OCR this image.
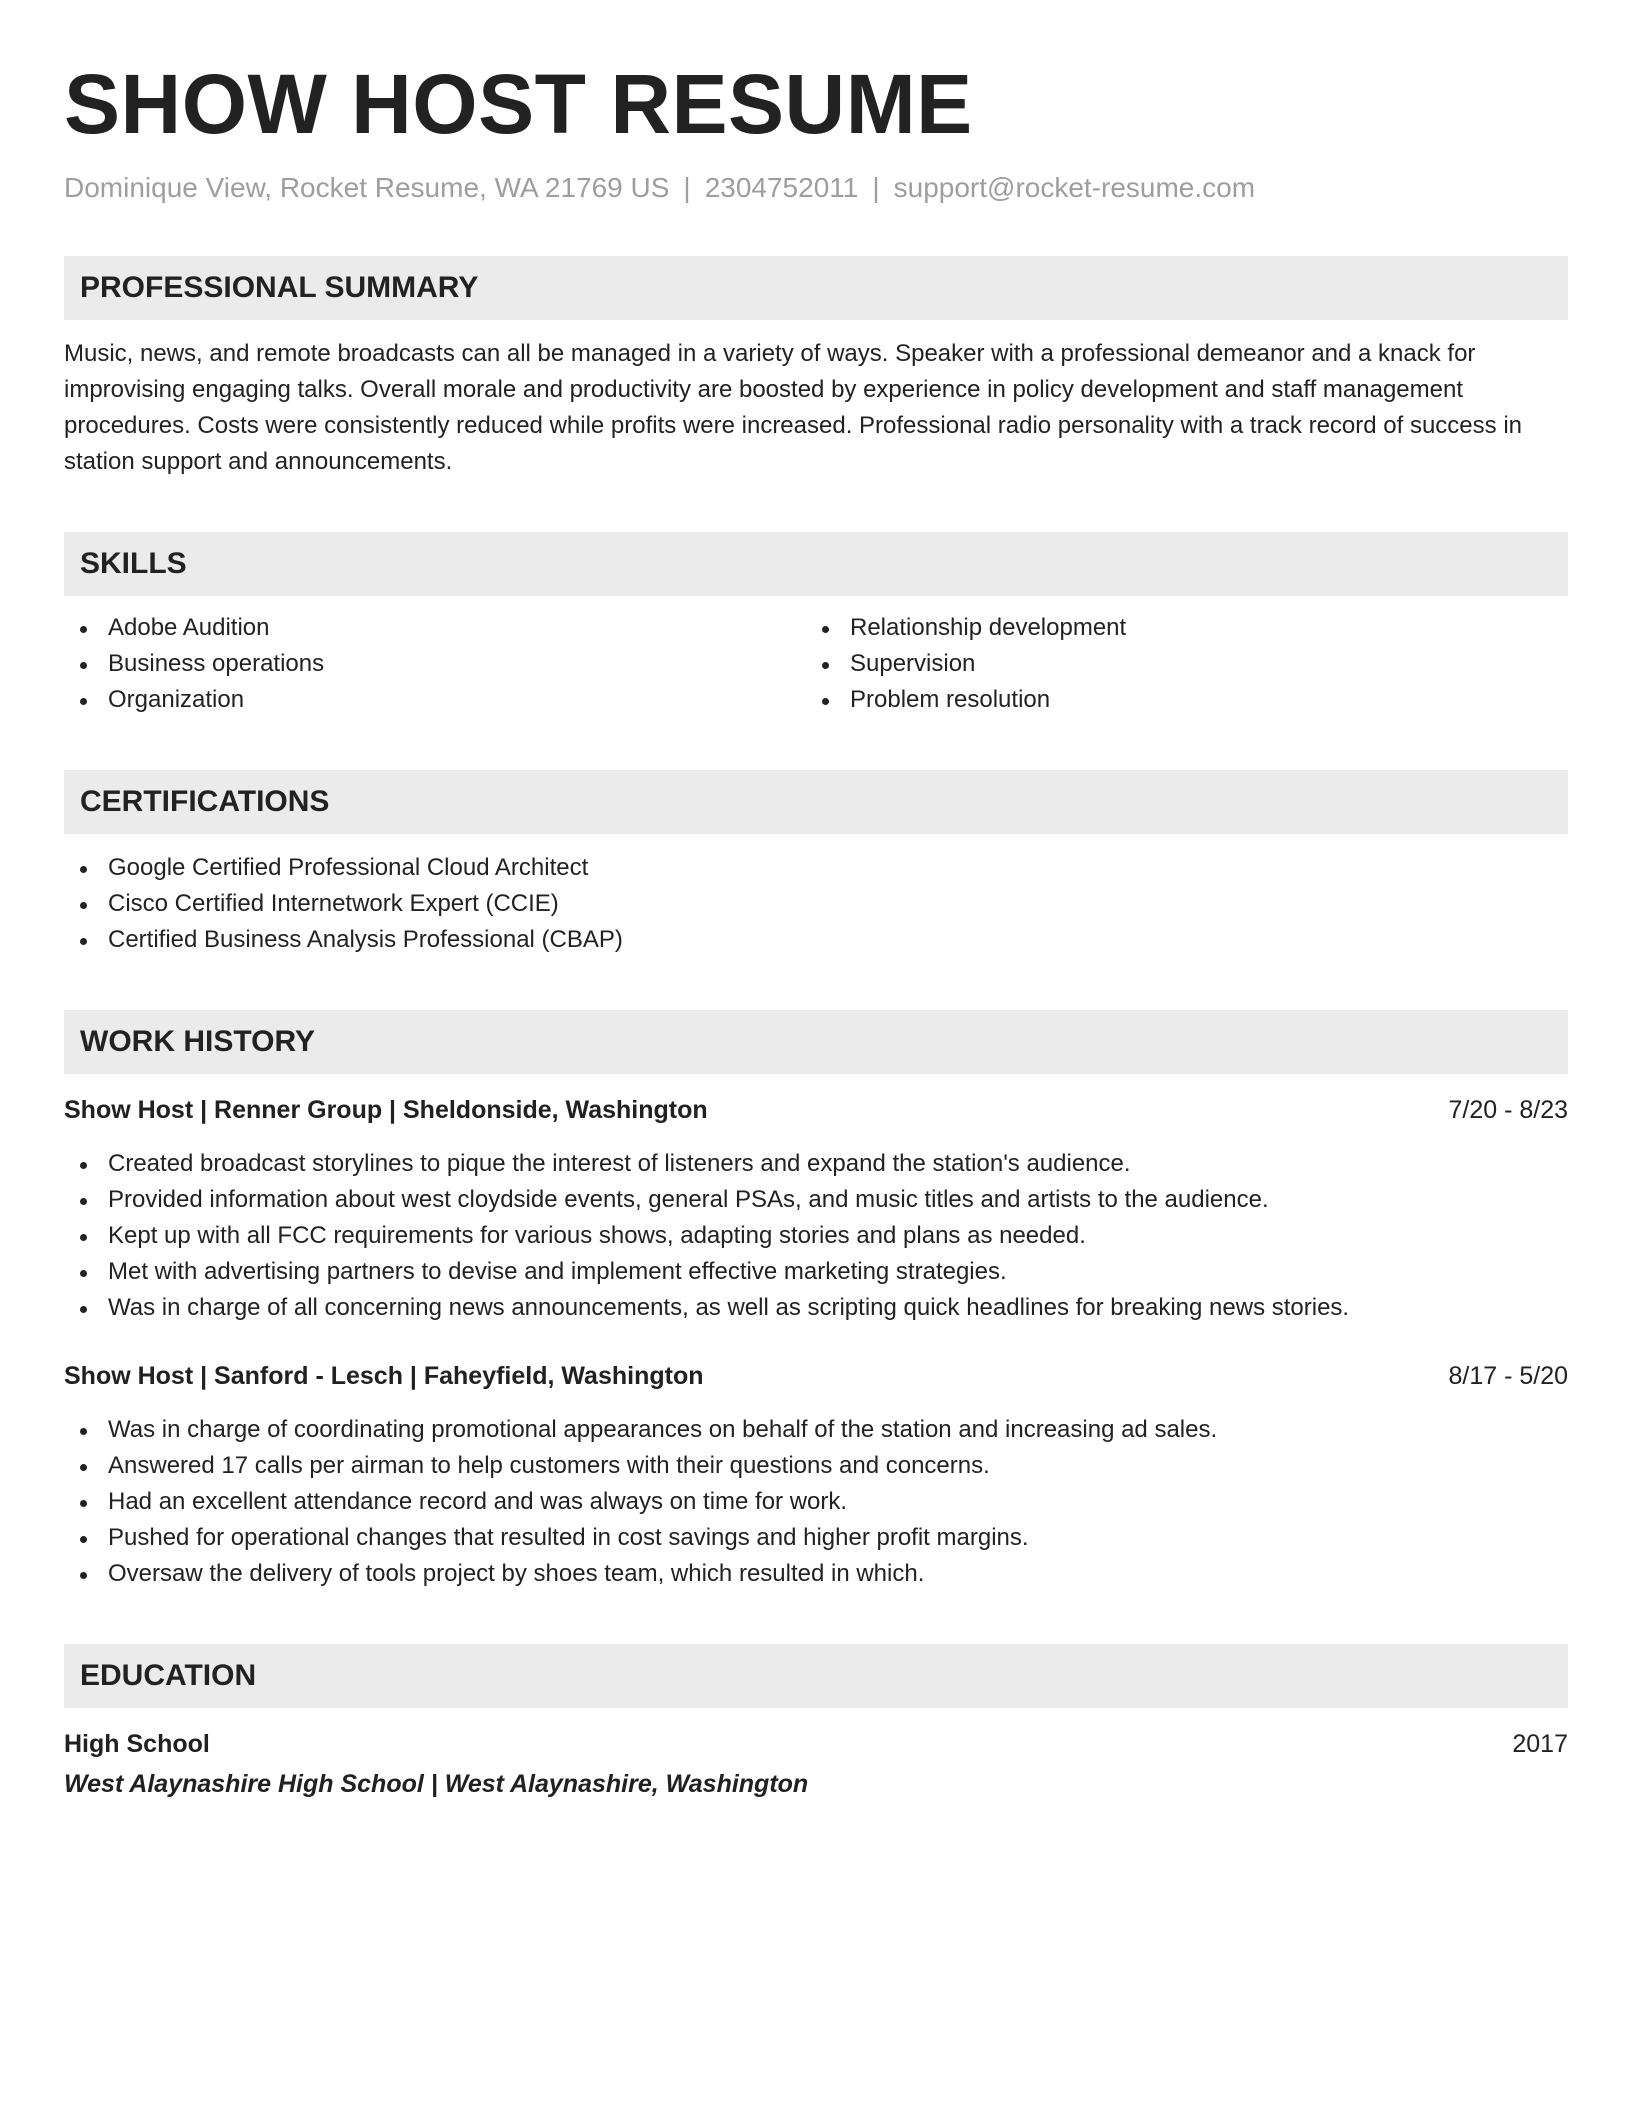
SHOW HOST RESUME
Dominique View, Rocket Resume, WA 21769 US | 2304752011 | support@rocket-resume.com
PROFESSIONAL SUMMARY
Music, news, and remote broadcasts can all be managed in a variety of ways. Speaker with a professional demeanor and a knack for improvising engaging talks. Overall morale and productivity are boosted by experience in policy development and staff management procedures. Costs were consistently reduced while profits were increased. Professional radio personality with a track record of success in station support and announcements.
SKILLS
Adobe Audition
Business operations
Organization
Relationship development
Supervision
Problem resolution
CERTIFICATIONS
Google Certified Professional Cloud Architect
Cisco Certified Internetwork Expert (CCIE)
Certified Business Analysis Professional (CBAP)
WORK HISTORY
Show Host | Renner Group | Sheldonside, Washington	7/20 - 8/23
Created broadcast storylines to pique the interest of listeners and expand the station's audience.
Provided information about west cloydside events, general PSAs, and music titles and artists to the audience.
Kept up with all FCC requirements for various shows, adapting stories and plans as needed.
Met with advertising partners to devise and implement effective marketing strategies.
Was in charge of all concerning news announcements, as well as scripting quick headlines for breaking news stories.
Show Host | Sanford - Lesch | Faheyfield, Washington	8/17 - 5/20
Was in charge of coordinating promotional appearances on behalf of the station and increasing ad sales.
Answered 17 calls per airman to help customers with their questions and concerns.
Had an excellent attendance record and was always on time for work.
Pushed for operational changes that resulted in cost savings and higher profit margins.
Oversaw the delivery of tools project by shoes team, which resulted in which.
EDUCATION
High School	2017
West Alaynashire High School | West Alaynashire, Washington
